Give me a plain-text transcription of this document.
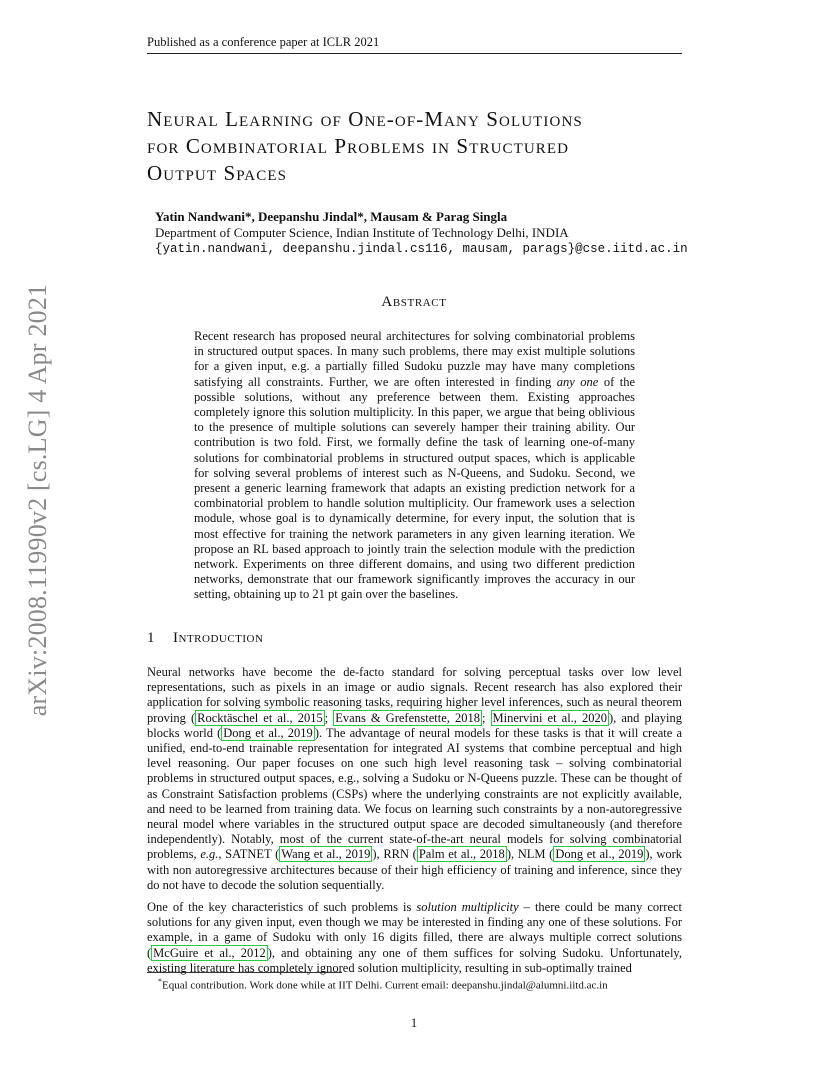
Published as a conference paper at ICLR 2021
arXiv:2008.11990v2 [cs.LG] 4 Apr 2021
Neural Learning of One-of-Many Solutions
for Combinatorial Problems in Structured
Output Spaces
Yatin Nandwani*, Deepanshu Jindal*, Mausam & Parag Singla
Department of Computer Science, Indian Institute of Technology Delhi, INDIA
{yatin.nandwani, deepanshu.jindal.cs116, mausam, parags}@cse.iitd.ac.in
Abstract

Recent research has proposed neural architectures for solving combinatorial problems in structured output spaces. In many such problems, there may exist multiple solutions for a given input, e.g. a partially filled Sudoku puzzle may have many completions satisfying all constraints. Further, we are often interested in finding any one of the possible solutions, without any preference between them. Existing approaches completely ignore this solution multiplicity. In this paper, we argue that being oblivious to the presence of multiple solutions can severely hamper their training ability. Our contribution is two fold. First, we formally define the task of learning one-of-many solutions for combinatorial problems in structured output spaces, which is applicable for solving several problems of interest such as N-Queens, and Sudoku. Second, we present a generic learning framework that adapts an existing prediction network for a combinatorial problem to handle solution multiplicity. Our framework uses a selection module, whose goal is to dynamically determine, for every input, the solution that is most effective for training the network parameters in any given learning iteration. We propose an RL based approach to jointly train the selection module with the prediction network. Experiments on three different domains, and using two different prediction networks, demonstrate that our framework significantly improves the accuracy in our setting, obtaining up to 21 pt gain over the baselines.

1 Introduction

Neural networks have become the de-facto standard for solving perceptual tasks over low level representations, such as pixels in an image or audio signals. Recent research has also explored their application for solving symbolic reasoning tasks, requiring higher level inferences, such as neural theorem proving ( Rocktäschel et al., 2015 ; Evans & Grefenstette, 2018 ; Minervini et al., 2020 ), and playing blocks world ( Dong et al., 2019 ). The advantage of neural models for these tasks is that it will create a unified, end-to-end trainable representation for integrated AI systems that combine perceptual and high level reasoning. Our paper focuses on one such high level reasoning task – solving combinatorial problems in structured output spaces, e.g., solving a Sudoku or N-Queens puzzle. These can be thought of as Constraint Satisfaction problems (CSPs) where the underlying constraints are not explicitly available, and need to be learned from training data. We focus on learning such constraints by a non-autoregressive neural model where variables in the structured output space are decoded simultaneously (and therefore independently). Notably, most of the current state-of-the-art neural models for solving combinatorial problems, e.g., SATNET ( Wang et al., 2019 ), RRN ( Palm et al., 2018 ), NLM ( Dong et al., 2019 ), work with non autoregressive architectures because of their high efficiency of training and inference, since they do not have to decode the solution sequentially.

One of the key characteristics of such problems is solution multiplicity – there could be many correct solutions for any given input, even though we may be interested in finding any one of these solutions. For example, in a game of Sudoku with only 16 digits filled, there are always multiple correct solutions ( McGuire et al., 2012 ), and obtaining any one of them suffices for solving Sudoku. Unfortunately, existing literature has completely ignored solution multiplicity, resulting in sub-optimally trained

*Equal contribution. Work done while at IIT Delhi. Current email: deepanshu.jindal@alumni.iitd.ac.in
1
